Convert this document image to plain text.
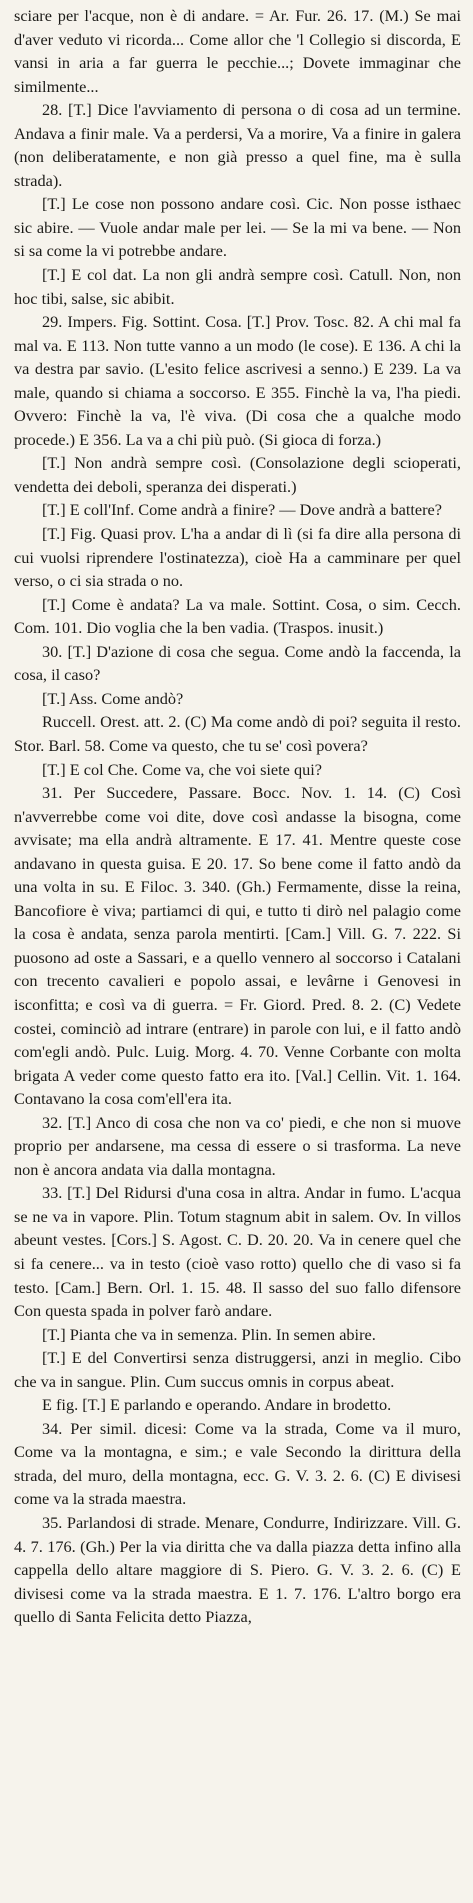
sciare per l'acque, non è di andare. = Ar. Fur. 26. 17. (M.) Se mai d'aver veduto vi ricorda... Come allor che 'l Collegio si discorda, E vansi in aria a far guerra le pecchie...; Dovete immaginar che similmente...

28. [T.] Dice l'avviamento di persona o di cosa ad un termine. Andava a finir male. Va a perdersi, Va a morire, Va a finire in galera (non deliberatamente, e non già presso a quel fine, ma è sulla strada).

[T.] Le cose non possono andare così. Cic. Non posse isthaec sic abire. — Vuole andar male per lei. — Se la mi va bene. — Non si sa come la vi potrebbe andare.

[T.] E col dat. La non gli andrà sempre così. Catull. Non, non hoc tibi, salse, sic abibit.

29. Impers. Fig. Sottint. Cosa. [T.] Prov. Tosc. 82. A chi mal fa mal va. E 113. Non tutte vanno a un modo (le cose). E 136. A chi la va destra par savio. (L'esito felice ascrivesi a senno.) E 239. La va male, quando si chiama a soccorso. E 355. Finchè la va, l'ha piedi. Ovvero: Finchè la va, l'è viva. (Di cosa che a qualche modo procede.) E 356. La va a chi più può. (Si gioca di forza.)

[T.] Non andrà sempre così. (Consolazione degli scioperati, vendetta dei deboli, speranza dei disperati.)

[T.] E coll'Inf. Come andrà a finire? — Dove andrà a battere?

[T.] Fig. Quasi prov. L'ha a andar di lì (si fa dire alla persona di cui vuolsi riprendere l'ostinatezza), cioè Ha a camminare per quel verso, o ci sia strada o no.

[T.] Come è andata? La va male. Sottint. Cosa, o sim. Cecch. Com. 101. Dio voglia che la ben vadia. (Traspos. inusit.)

30. [T.] D'azione di cosa che segua. Come andò la faccenda, la cosa, il caso?

[T.] Ass. Come andò?

Ruccell. Orest. att. 2. (C) Ma come andò di poi? seguita il resto. Stor. Barl. 58. Come va questo, che tu se' così povera?

[T.] E col Che. Come va, che voi siete qui?

31. Per Succedere, Passare. Bocc. Nov. 1. 14. (C) Così n'avverrebbe come voi dite, dove così andasse la bisogna, come avvisate; ma ella andrà altramente. E 17. 41. Mentre queste cose andavano in questa guisa. E 20. 17. So bene come il fatto andò da una volta in su. E Filoc. 3. 340. (Gh.) Fermamente, disse la reina, Bancofiore è viva; partiamci di qui, e tutto ti dirò nel palagio come la cosa è andata, senza parola mentirti. [Cam.] Vill. G. 7. 222. Si puosono ad oste a Sassari, e a quello vennero al soccorso i Catalani con trecento cavalieri e popolo assai, e levârne i Genovesi in isconfitta; e così va di guerra. = Fr. Giord. Pred. 8. 2. (C) Vedete costei, cominciò ad intrare (entrare) in parole con lui, e il fatto andò com'egli andò. Pulc. Luig. Morg. 4. 70. Venne Corbante con molta brigata A veder come questo fatto era ito. [Val.] Cellin. Vit. 1. 164. Contavano la cosa com'ell'era ita.

32. [T.] Anco di cosa che non va co' piedi, e che non si muove proprio per andarsene, ma cessa di essere o si trasforma. La neve non è ancora andata via dalla montagna.

33. [T.] Del Ridursi d'una cosa in altra. Andar in fumo. L'acqua se ne va in vapore. Plin. Totum stagnum abit in salem. Ov. In villos abeunt vestes. [Cors.] S. Agost. C. D. 20. 20. Va in cenere quel che si fa cenere... va in testo (cioè vaso rotto) quello che di vaso si fa testo. [Cam.] Bern. Orl. 1. 15. 48. Il sasso del suo fallo difensore Con questa spada in polver farò andare.

[T.] Pianta che va in semenza. Plin. In semen abire.

[T.] E del Convertirsi senza distruggersi, anzi in meglio. Cibo che va in sangue. Plin. Cum succus omnis in corpus abeat.

E fig. [T.] E parlando e operando. Andare in brodetto.

34. Per simil. dicesi: Come va la strada, Come va il muro, Come va la montagna, e sim.; e vale Secondo la dirittura della strada, del muro, della montagna, ecc. G. V. 3. 2. 6. (C) E divisesi come va la strada maestra.

35. Parlandosi di strade. Menare, Condurre, Indirizzare. Vill. G. 4. 7. 176. (Gh.) Per la via diritta che va dalla piazza detta infino alla cappella dello altare maggiore di S. Piero. G. V. 3. 2. 6. (C) E divisesi come va la strada maestra. E 1. 7. 176. L'altro borgo era quello di Santa Felicita detto Piazza,
